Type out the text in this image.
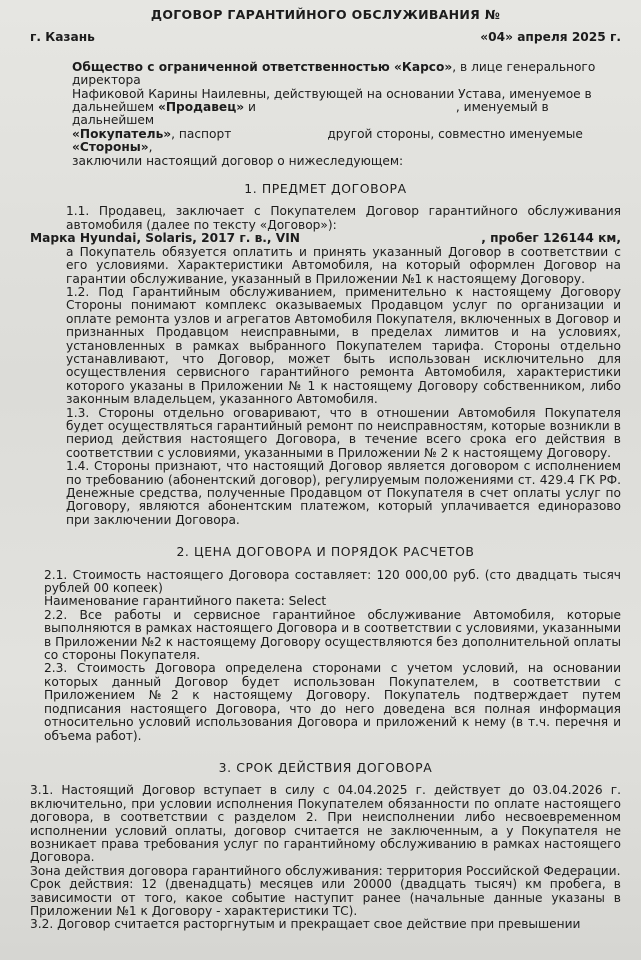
ДОГОВОР ГАРАНТИЙНОГО ОБСЛУЖИВАНИЯ №
г. Казань	«04» апреля 2025 г.

Общество с ограниченной ответственностью «Карсо», в лице генерального директора

Нафиковой Карины Наилевны, действующей на основании Устава, именуемое в

дальнейшем «Продавец» и	, именуемый в дальнейшем

«Покупатель», паспорт	другой стороны, совместно именуемые «Стороны»,

заключили настоящий договор о нижеследующем:

1. ПРЕДМЕТ ДОГОВОРА

1.1. Продавец, заключает с Покупателем Договор гарантийного обслуживания автомобиля (далее по тексту «Договор»):

Марка Hyundai, Solaris, 2017 г. в., VIN	, пробег 126144 км,

а Покупатель обязуется оплатить и принять указанный Договор в соответствии с его условиями. Характеристики Автомобиля, на который оформлен Договор на гарантии обслуживание, указанный в Приложении №1 к настоящему Договору.

1.2. Под Гарантийным обслуживанием, применительно к настоящему Договору Стороны понимают комплекс оказываемых Продавцом услуг по организации и оплате ремонта узлов и агрегатов Автомобиля Покупателя, включенных в Договор и признанных Продавцом неисправными, в пределах лимитов и на условиях, установленных в рамках выбранного Покупателем тарифа. Стороны отдельно устанавливают, что Договор, может быть использован исключительно для осуществления сервисного гарантийного ремонта Автомобиля, характеристики которого указаны в Приложении № 1 к настоящему Договору собственником, либо законным владельцем, указанного Автомобиля.

1.3. Стороны отдельно оговаривают, что в отношении Автомобиля Покупателя будет осуществляться гарантийный ремонт по неисправностям, которые возникли в период действия настоящего Договора, в течение всего срока его действия в соответствии с условиями, указанными в Приложении № 2 к настоящему Договору.

1.4. Стороны признают, что настоящий Договор является договором с исполнением по требованию (абонентский договор), регулируемым положениями ст. 429.4 ГК РФ. Денежные средства, полученные Продавцом от Покупателя в счет оплаты услуг по Договору, являются абонентским платежом, который уплачивается единоразово при заключении Договора.

2. ЦЕНА ДОГОВОРА И ПОРЯДОК РАСЧЕТОВ

2.1. Стоимость настоящего Договора составляет: 120 000,00 руб. (сто двадцать тысяч рублей 00 копеек)

Наименование гарантийного пакета: Select

2.2. Все работы и сервисное гарантийное обслуживание Автомобиля, которые выполняются в рамках настоящего Договора и в соответствии с условиями, указанными в Приложении №2 к настоящему Договору осуществляются без дополнительной оплаты со стороны Покупателя.

2.3. Стоимость Договора определена сторонами с учетом условий, на основании которых данный Договор будет использован Покупателем, в соответствии с Приложением №2 к настоящему Договору. Покупатель подтверждает путем подписания настоящего Договора, что до него доведена вся полная информация относительно условий использования Договора и приложений к нему (в т.ч. перечня и объема работ).

3. СРОК ДЕЙСТВИЯ ДОГОВОРА

3.1. Настоящий Договор вступает в силу с 04.04.2025 г. действует до 03.04.2026 г. включительно, при условии исполнения Покупателем обязанности по оплате настоящего договора, в соответствии с разделом 2. При неисполнении либо несвоевременном исполнении условий оплаты, договор считается не заключенным, а у Покупателя не возникает права требования услуг по гарантийному обслуживанию в рамках настоящего Договора.

Зона действия договора гарантийного обслуживания: территория Российской Федерации.

Срок действия: 12 (двенадцать) месяцев или 20000 (двадцать тысяч) км пробега, в зависимости от того, какое событие наступит ранее (начальные данные указаны в Приложении №1 к Договору - характеристики ТС).

3.2. Договор считается расторгнутым и прекращает свое действие при превышении
